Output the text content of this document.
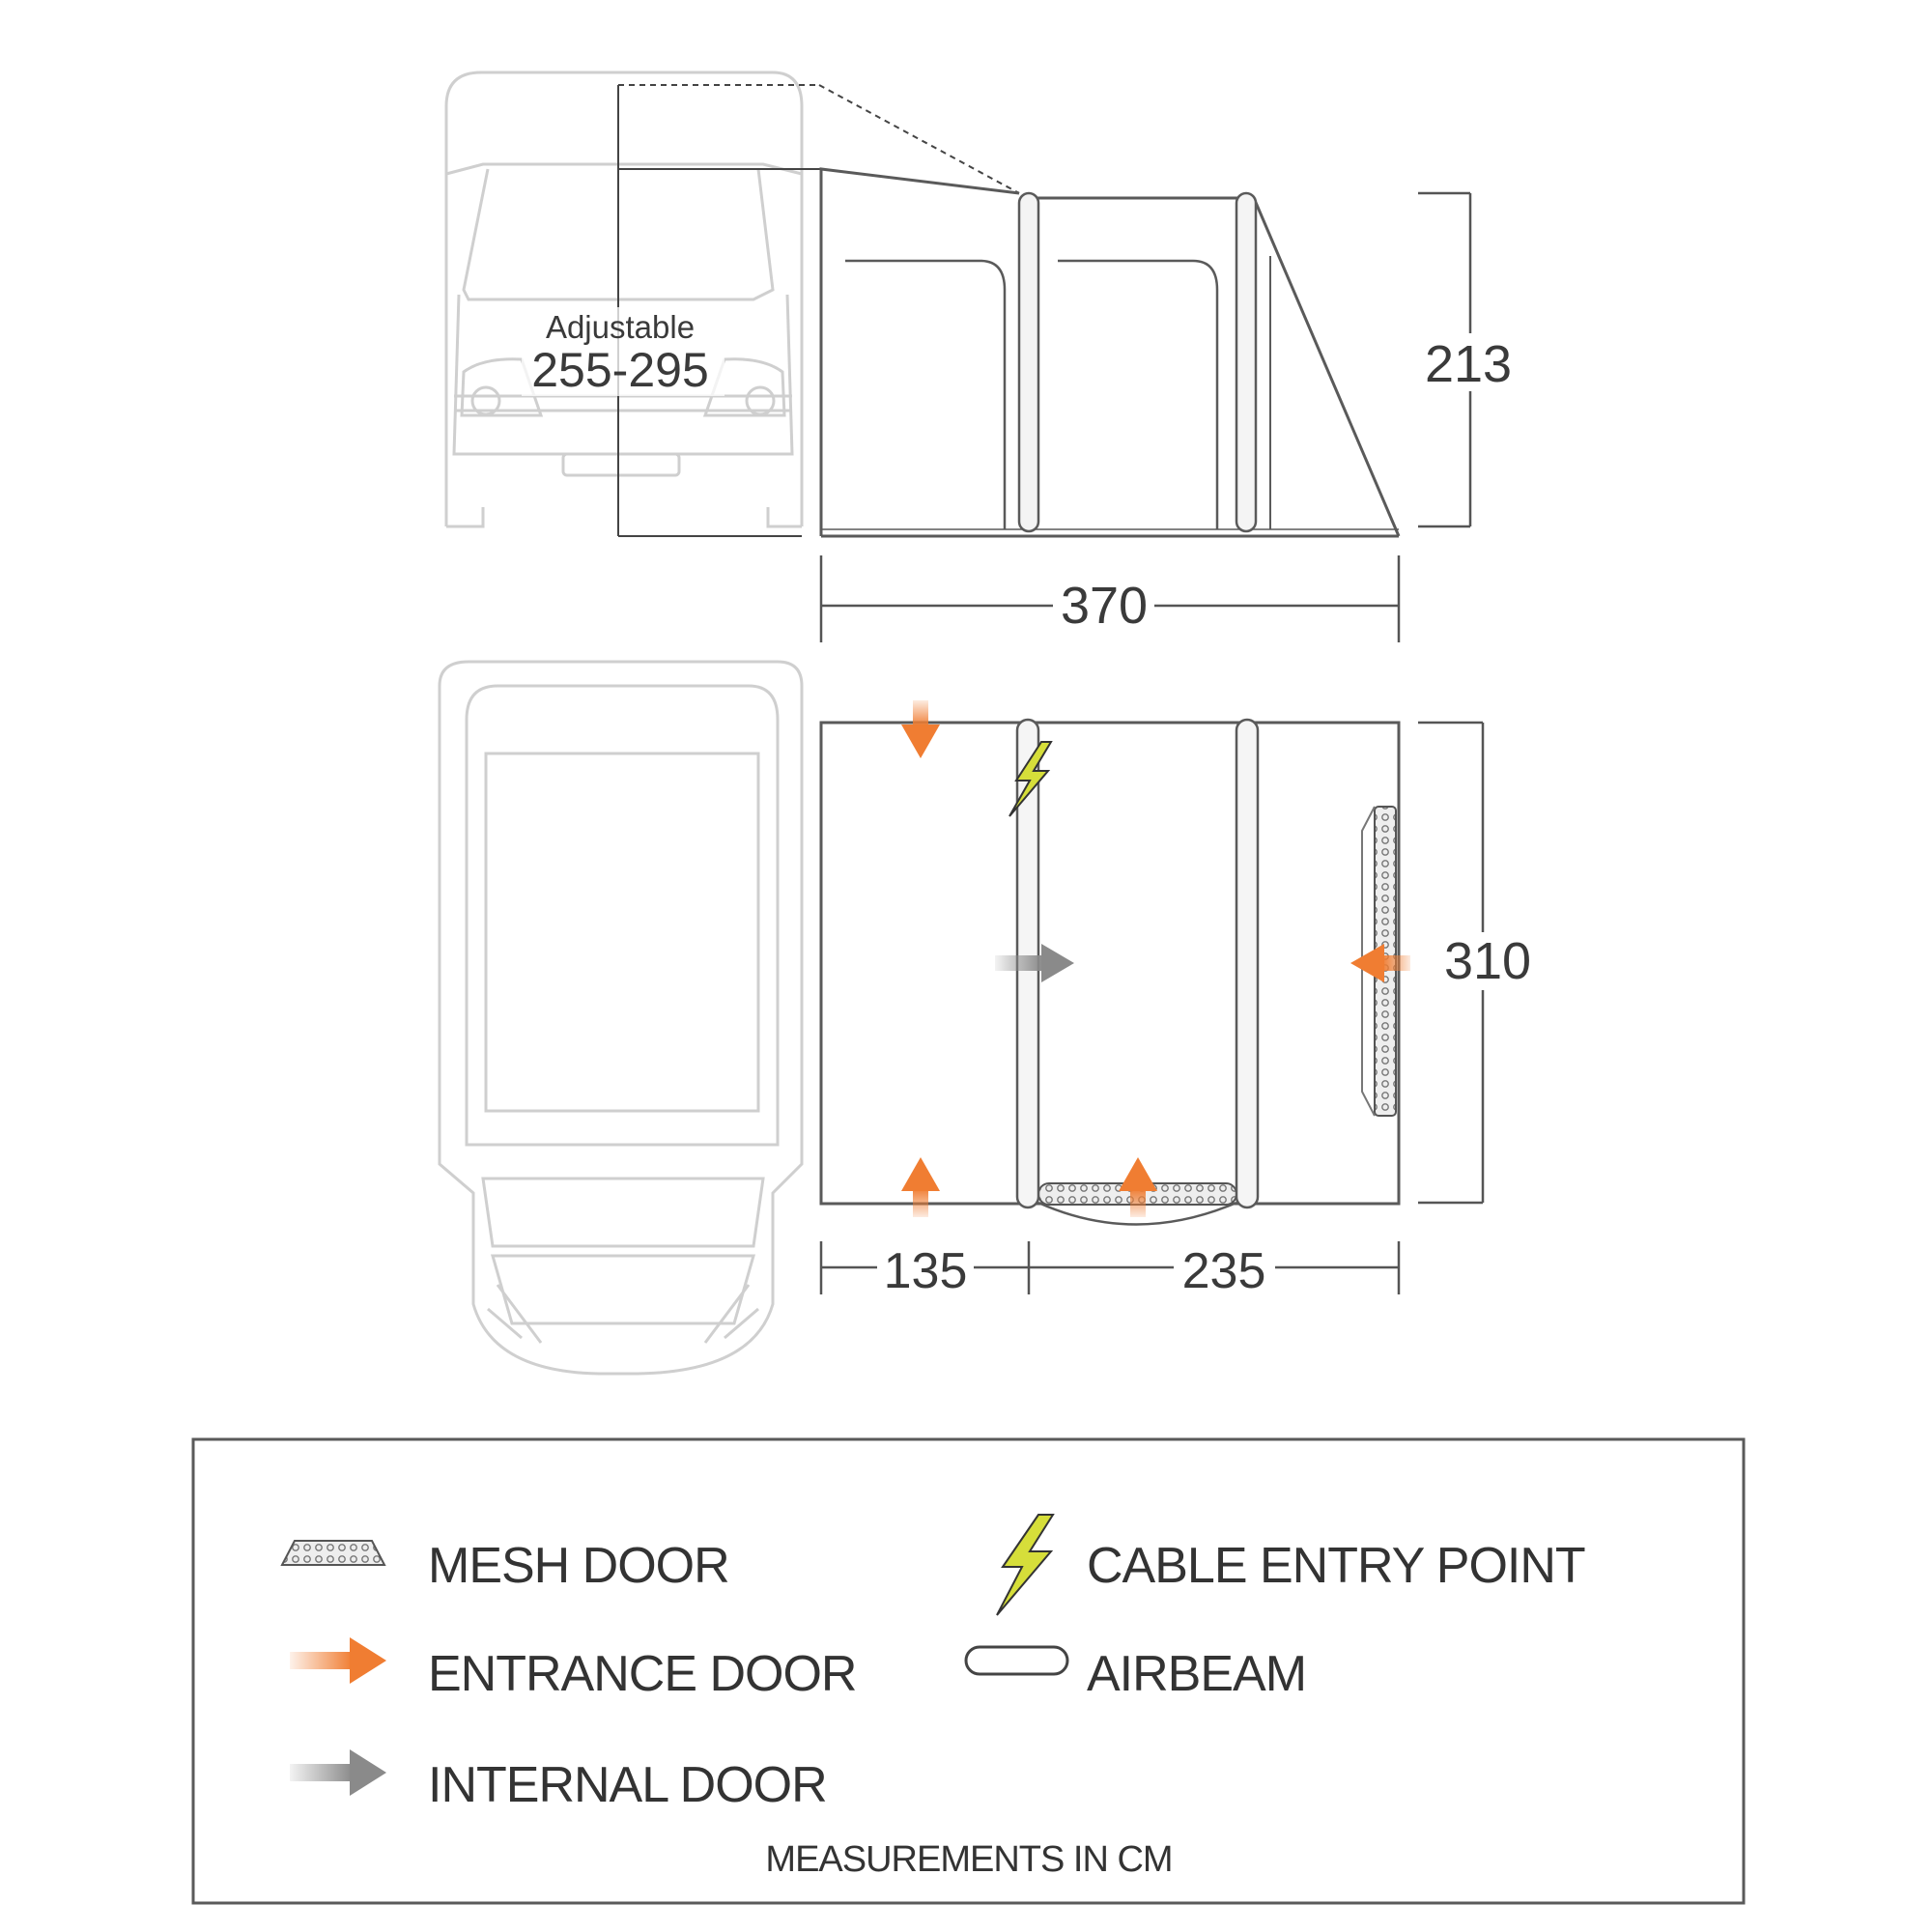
Adjustable
255-295	213
370
310
135	235
MESH DOOR	CABLE ENTRY POINT
ENTRANCE DOOR	AIRBEAM
INTERNAL DOOR
MEASUREMENTS IN CM
